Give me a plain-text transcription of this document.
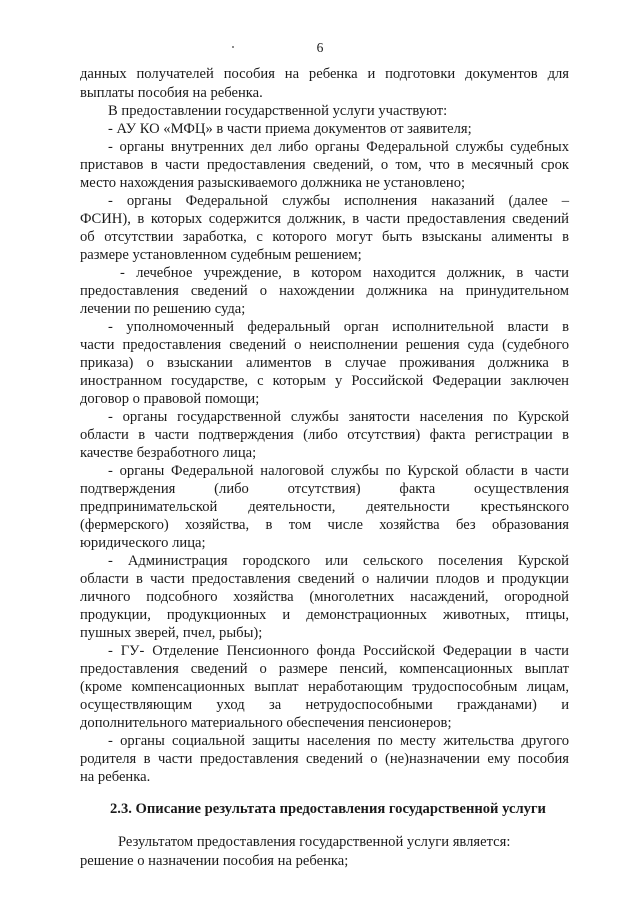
6
данных получателей пособия на ребенка и подготовки документов для
выплаты пособия на ребенка.
В предоставлении государственной услуги участвуют:
- АУ КО «МФЦ» в части приема документов от заявителя;
- органы внутренних дел либо органы Федеральной службы судебных
приставов в части предоставления сведений, о том, что в месячный срок
место нахождения разыскиваемого должника не установлено;
- органы Федеральной службы исполнения наказаний (далее –
ФСИН), в которых содержится должник, в части предоставления сведений
об отсутствии заработка, с которого могут быть взысканы алименты в
размере установленном судебным решением;
- лечебное учреждение, в котором находится должник, в части
предоставления сведений о нахождении должника на принудительном
лечении по решению суда;
- уполномоченный федеральный орган исполнительной власти в
части предоставления сведений о неисполнении решения суда (судебного
приказа) о взыскании алиментов в случае проживания должника в
иностранном государстве, с которым у Российской Федерации заключен
договор о правовой помощи;
- органы государственной службы занятости населения по Курской
области в части подтверждения (либо отсутствия) факта регистрации в
качестве безработного лица;
- органы Федеральной налоговой службы по Курской области в части
подтверждения (либо отсутствия) факта осуществления
предпринимательской деятельности, деятельности крестьянского
(фермерского) хозяйства, в том числе хозяйства без образования
юридического лица;
- Администрация городского или сельского поселения Курской
области в части предоставления сведений о наличии плодов и продукции
личного подсобного хозяйства (многолетних насаждений, огородной
продукции, продукционных и демонстрационных животных, птицы,
пушных зверей, пчел, рыбы);
- ГУ- Отделение Пенсионного фонда Российской Федерации в части
предоставления сведений о размере пенсий, компенсационных выплат
(кроме компенсационных выплат неработающим трудоспособным лицам,
осуществляющим уход за нетрудоспособными гражданами) и
дополнительного материального обеспечения пенсионеров;
- органы социальной защиты населения по месту жительства другого
родителя в части предоставления сведений о (не)назначении ему пособия
на ребенка.
2.3. Описание результата предоставления государственной услуги
Результатом предоставления государственной услуги является:
решение о назначении пособия на ребенка;
